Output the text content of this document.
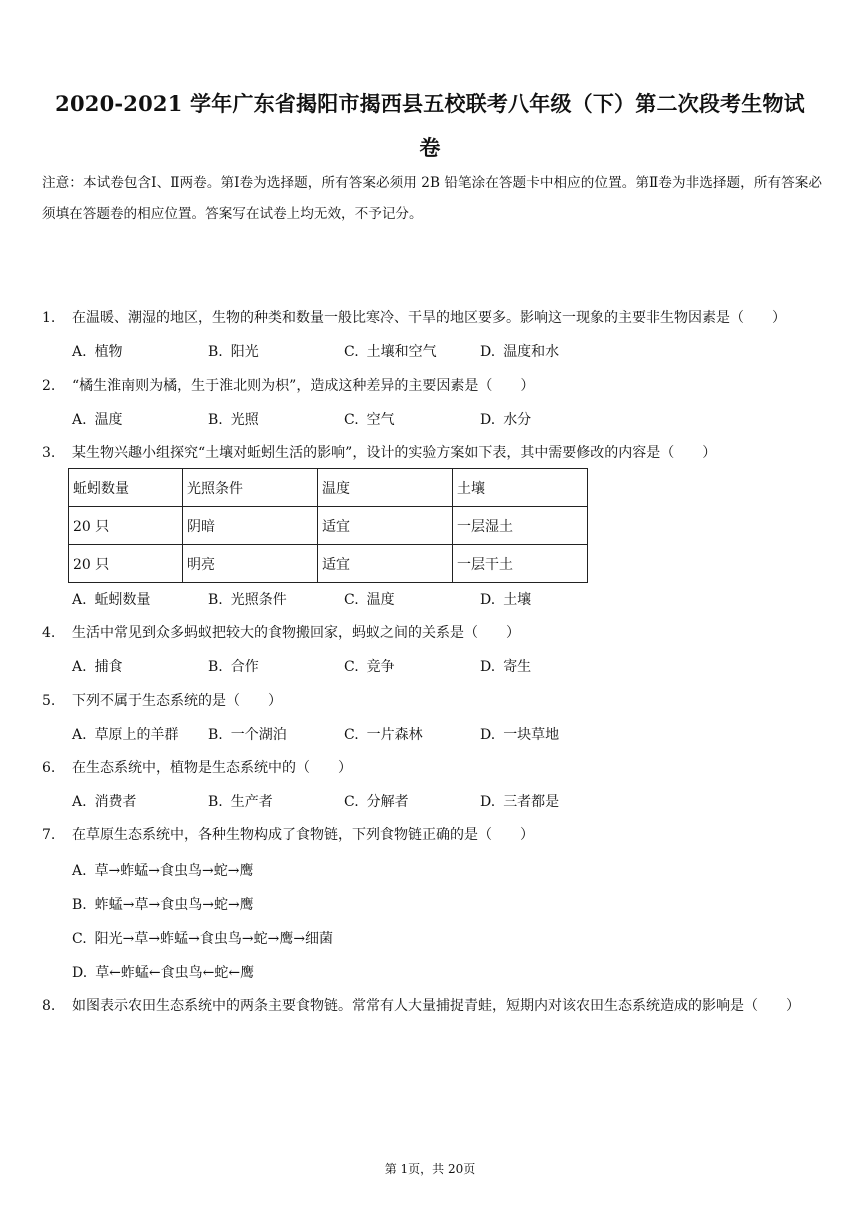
2020-2021 学年广东省揭阳市揭西县五校联考八年级（下）第二次段考生物试
卷
注意：本试卷包含Ⅰ、Ⅱ两卷。第Ⅰ卷为选择题，所有答案必须用 2B 铅笔涂在答题卡中相应的位置。第Ⅱ卷为非选择题，所有答案必须填在答题卷的相应位置。答案写在试卷上均无效，不予记分。
1.	在温暖、潮湿的地区，生物的种类和数量一般比寒冷、干旱的地区要多。影响这一现象的主要非生物因素是（　　）
A. 植物	B. 阳光	C. 土壤和空气	D. 温度和水
2.	“橘生淮南则为橘，生于淮北则为枳”，造成这种差异的主要因素是（　　）
A. 温度	B. 光照	C. 空气	D. 水分
3.	某生物兴趣小组探究“土壤对蚯蚓生活的影响”，设计的实验方案如下表，其中需要修改的内容是（　　）
蚯蚓数量	光照条件	温度	土壤
20 只	阴暗	适宜	一层湿土
20 只	明亮	适宜	一层干土
A. 蚯蚓数量	B. 光照条件	C. 温度	D. 土壤
4.	生活中常见到众多蚂蚁把较大的食物搬回家，蚂蚁之间的关系是（　　）
A. 捕食	B. 合作	C. 竞争	D. 寄生
5.	下列不属于生态系统的是（　　）
A. 草原上的羊群 B. 一个湖泊	C. 一片森林	D. 一块草地
6.	在生态系统中，植物是生态系统中的（　　）
A. 消费者	B. 生产者	C. 分解者	D. 三者都是
7.	在草原生态系统中，各种生物构成了食物链，下列食物链正确的是（　　）
A. 草→蚱蜢→食虫鸟→蛇→鹰
B. 蚱蜢→草→食虫鸟→蛇→鹰
C. 阳光→草→蚱蜢→食虫鸟→蛇→鹰→细菌
D. 草←蚱蜢←食虫鸟←蛇←鹰
8.	如图表示农田生态系统中的两条主要食物链。常常有人大量捕捉青蛙，短期内对该农田生态系统造成的影响是（　　）
第 1页，共 20页
